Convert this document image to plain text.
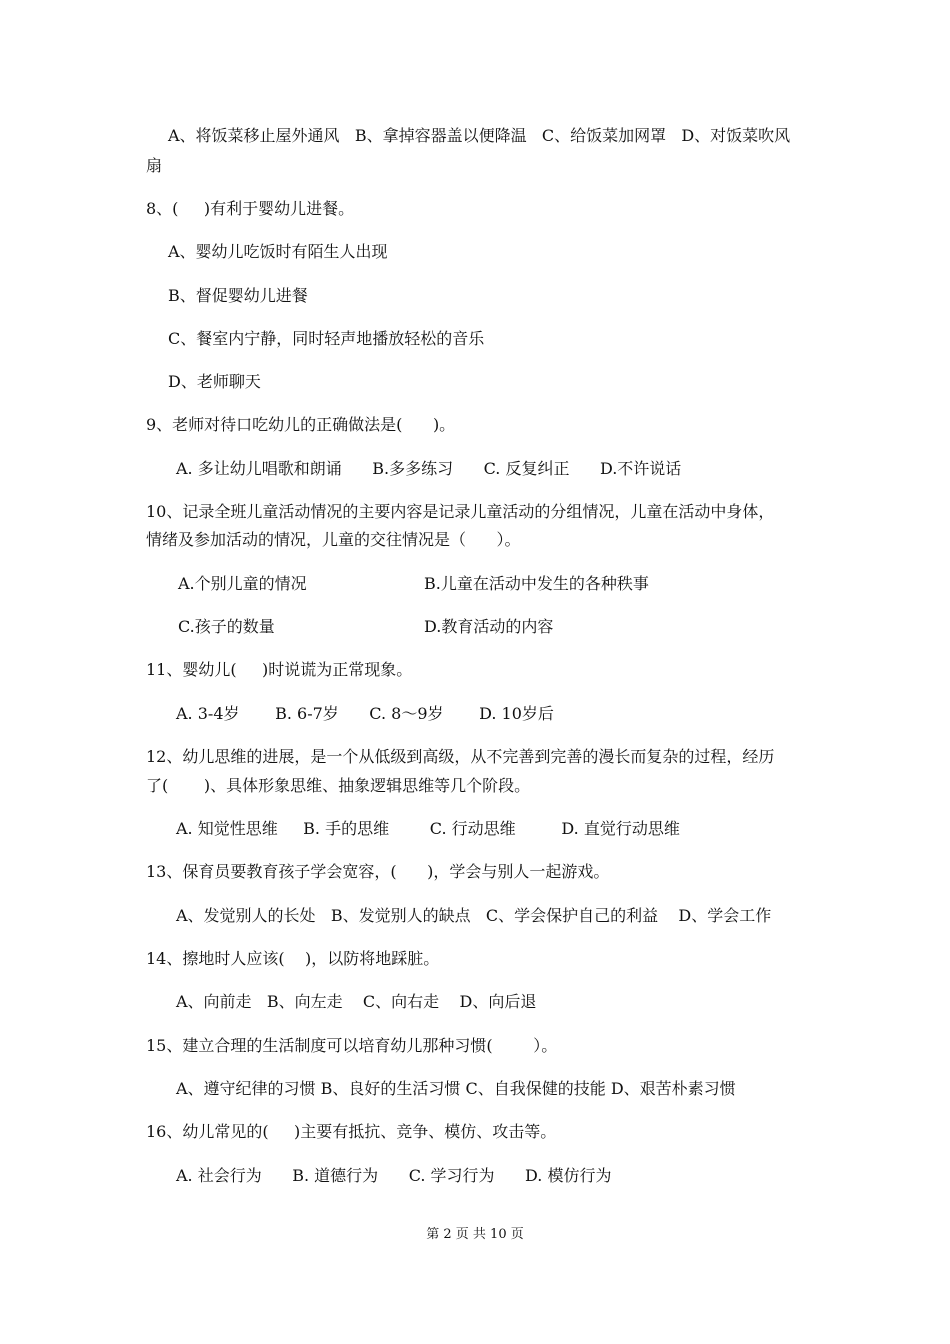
A、将饭菜移止屋外通风   B、拿掉容器盖以便降温   C、给饭菜加网罩   D、对饭菜吹风
扇
8、(     )有利于婴幼儿进餐。
A、婴幼儿吃饭时有陌生人出现
B、督促婴幼儿进餐
C、餐室内宁静，同时轻声地播放轻松的音乐
D、老师聊天
9、老师对待口吃幼儿的正确做法是(      )。
A. 多让幼儿唱歌和朗诵      B.多多练习      C. 反复纠正      D.不许说话
10、记录全班儿童活动情况的主要内容是记录儿童活动的分组情况，儿童在活动中身体，
情绪及参加活动的情况，儿童的交往情况是（      ）。
A.个别儿童的情况	B.儿童在活动中发生的各种秩事
C.孩子的数量	D.教育活动的内容
11、婴幼儿(     )时说谎为正常现象。
A. 3-4岁       B. 6-7岁      C. 8～9岁       D. 10岁后
12、幼儿思维的进展，是一个从低级到高级，从不完善到完善的漫长而复杂的过程，经历
了(       )、具体形象思维、抽象逻辑思维等几个阶段。
A. 知觉性思维     B. 手的思维        C. 行动思维         D. 直觉行动思维
13、保育员要教育孩子学会宽容，(      )，学会与别人一起游戏。
A、发觉别人的长处   B、发觉别人的缺点   C、学会保护自己的利益    D、学会工作
14、擦地时人应该(    )，以防将地踩脏。
A、向前走   B、向左走    C、向右走    D、向后退
15、建立合理的生活制度可以培育幼儿那种习惯(        ）。
A、遵守纪律的习惯 B、良好的生活习惯 C、自我保健的技能 D、艰苦朴素习惯
16、幼儿常见的(     )主要有抵抗、竞争、模仿、攻击等。
A. 社会行为      B. 道德行为      C. 学习行为      D. 模仿行为
第 2 页 共 10 页
